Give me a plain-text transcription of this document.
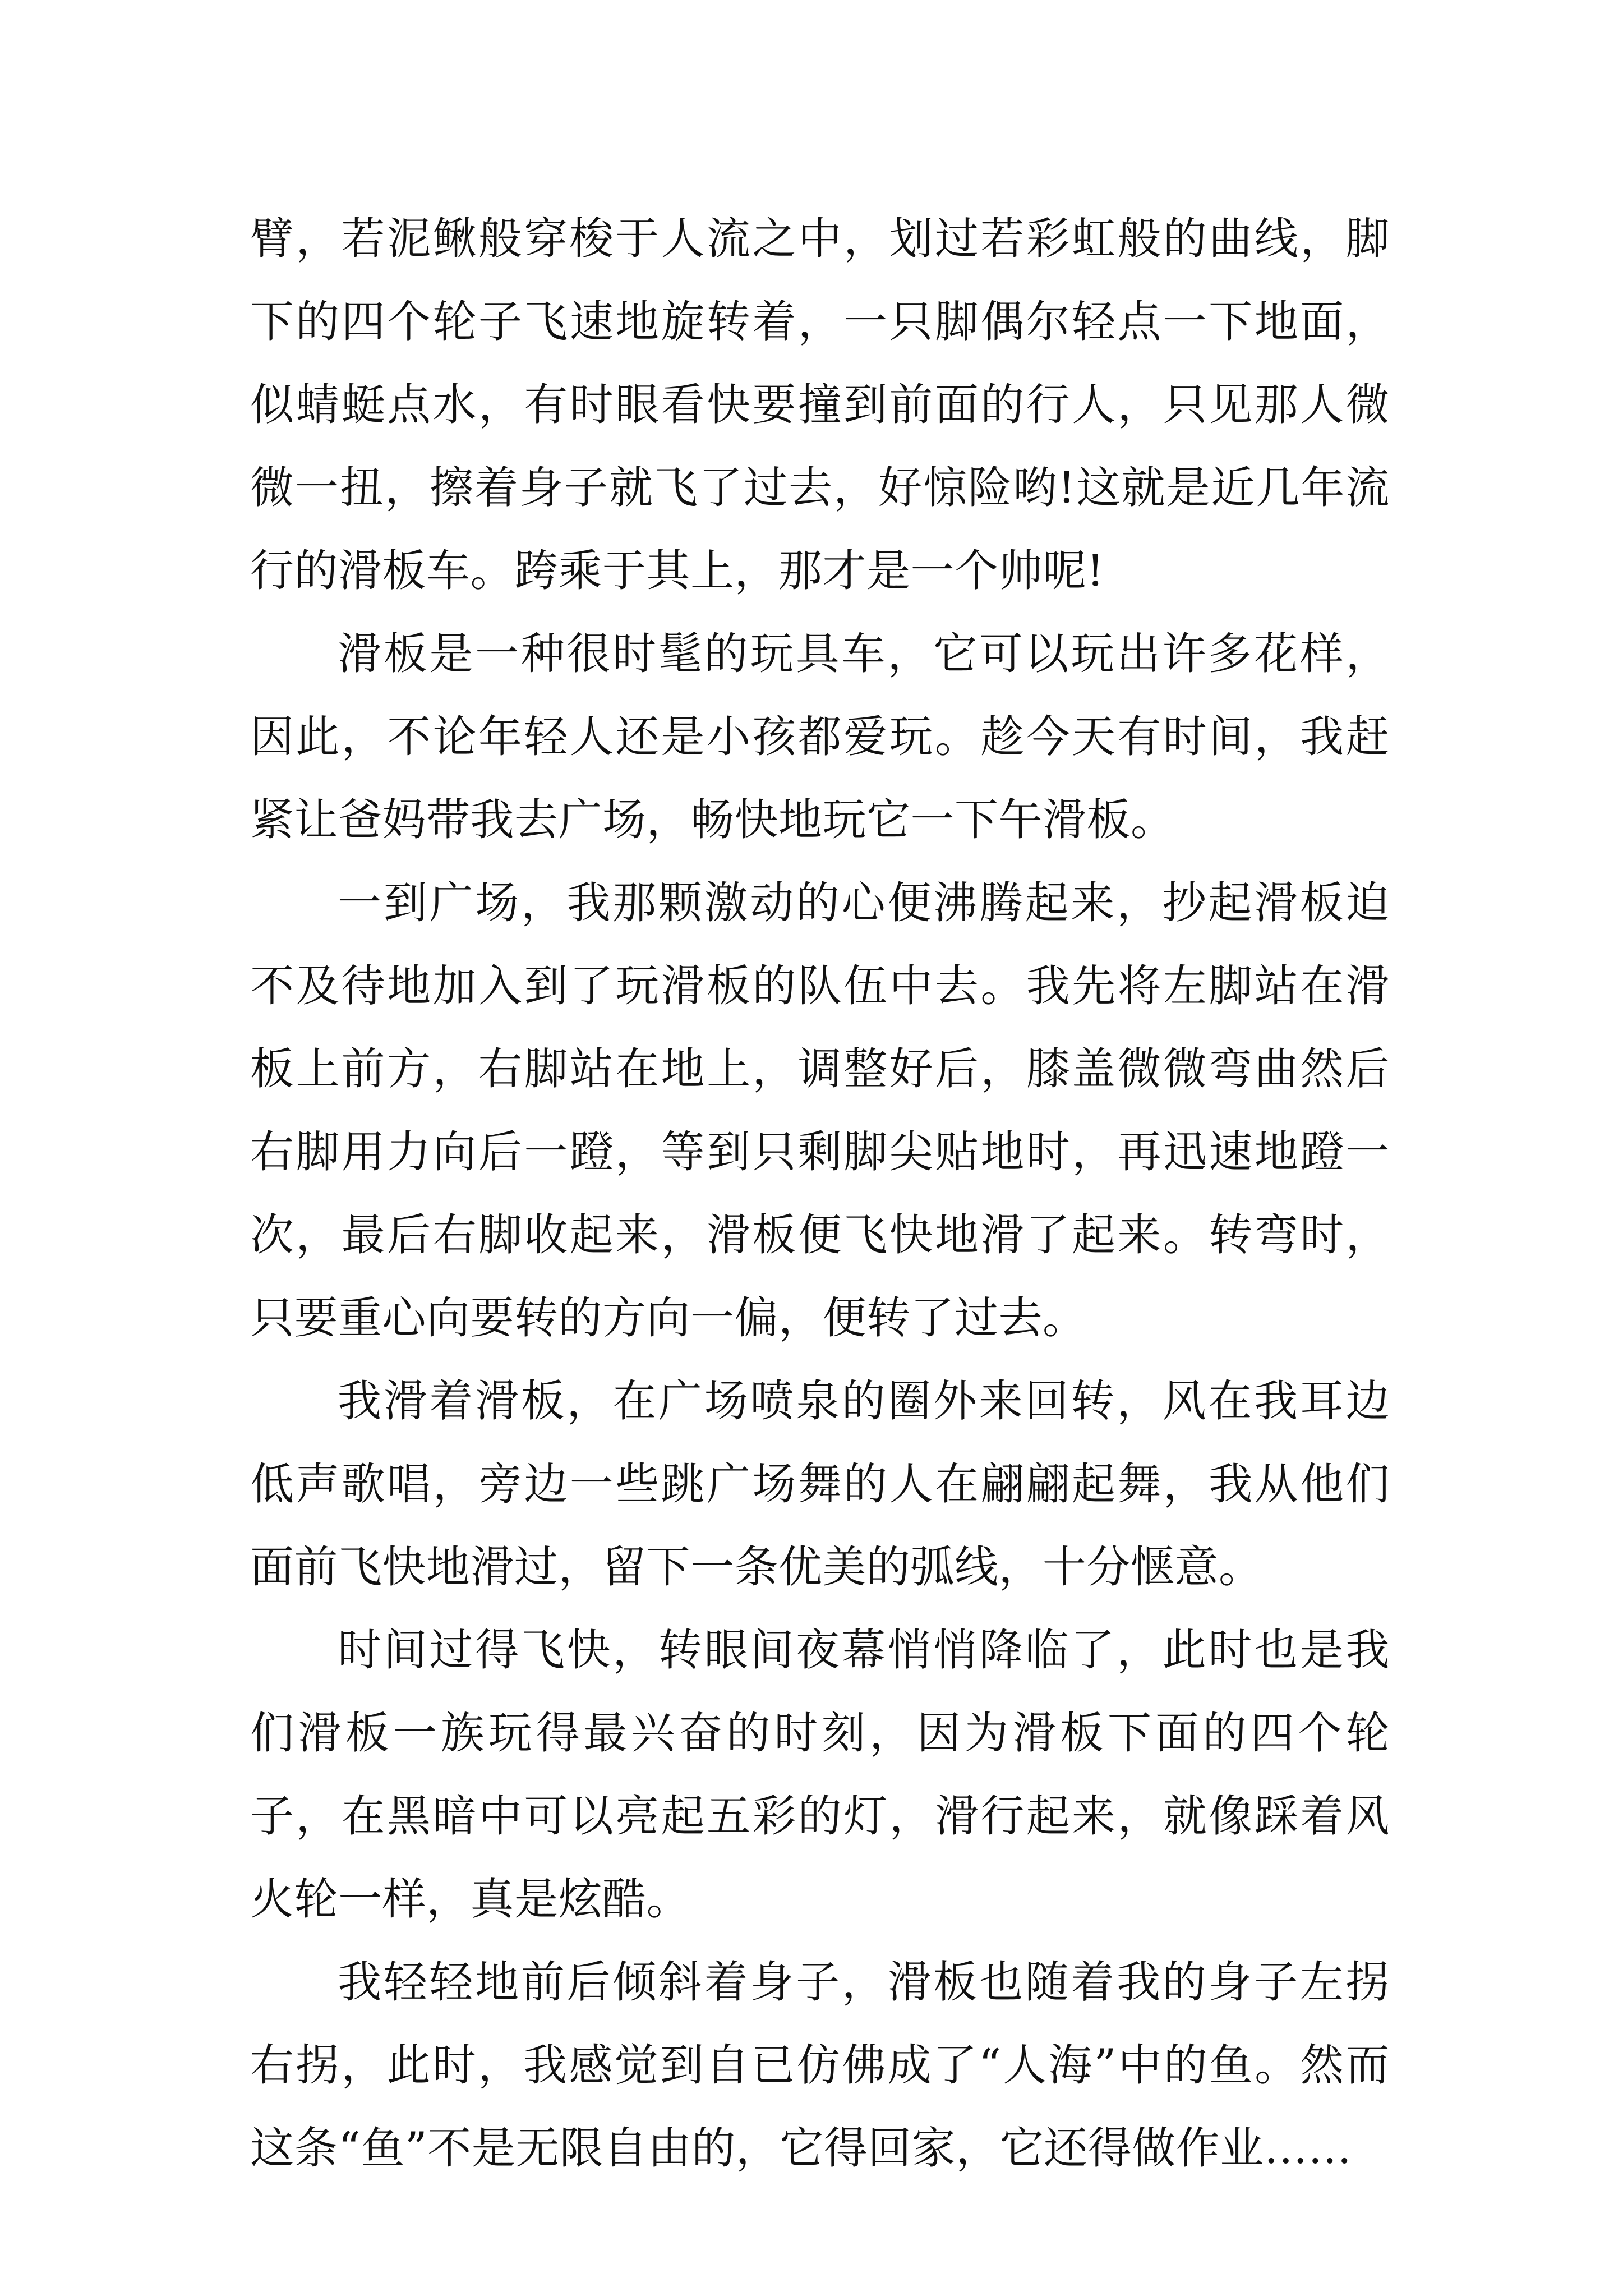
臂，若泥鳅般穿梭于人流之中，划过若彩虹般的曲线，脚下的四个轮子飞速地旋转着，一只脚偶尔轻点一下地面，似蜻蜓点水，有时眼看快要撞到前面的行人，只见那人微微一扭，擦着身子就飞了过去，好惊险哟!这就是近几年流行的滑板车。跨乘于其上，那才是一个帅呢!

滑板是一种很时髦的玩具车，它可以玩出许多花样，因此，不论年轻人还是小孩都爱玩。趁今天有时间，我赶紧让爸妈带我去广场，畅快地玩它一下午滑板。

一到广场，我那颗激动的心便沸腾起来，抄起滑板迫不及待地加入到了玩滑板的队伍中去。我先将左脚站在滑板上前方，右脚站在地上，调整好后，膝盖微微弯曲然后右脚用力向后一蹬，等到只剩脚尖贴地时，再迅速地蹬一次，最后右脚收起来，滑板便飞快地滑了起来。转弯时，只要重心向要转的方向一偏，便转了过去。

我滑着滑板，在广场喷泉的圈外来回转，风在我耳边低声歌唱，旁边一些跳广场舞的人在翩翩起舞，我从他们面前飞快地滑过，留下一条优美的弧线，十分惬意。

时间过得飞快，转眼间夜幕悄悄降临了，此时也是我们滑板一族玩得最兴奋的时刻，因为滑板下面的四个轮子，在黑暗中可以亮起五彩的灯，滑行起来，就像踩着风火轮一样，真是炫酷。

我轻轻地前后倾斜着身子，滑板也随着我的身子左拐右拐，此时，我感觉到自已仿佛成了“人海”中的鱼。然而这条“鱼”不是无限自由的，它得回家，它还得做作业……
